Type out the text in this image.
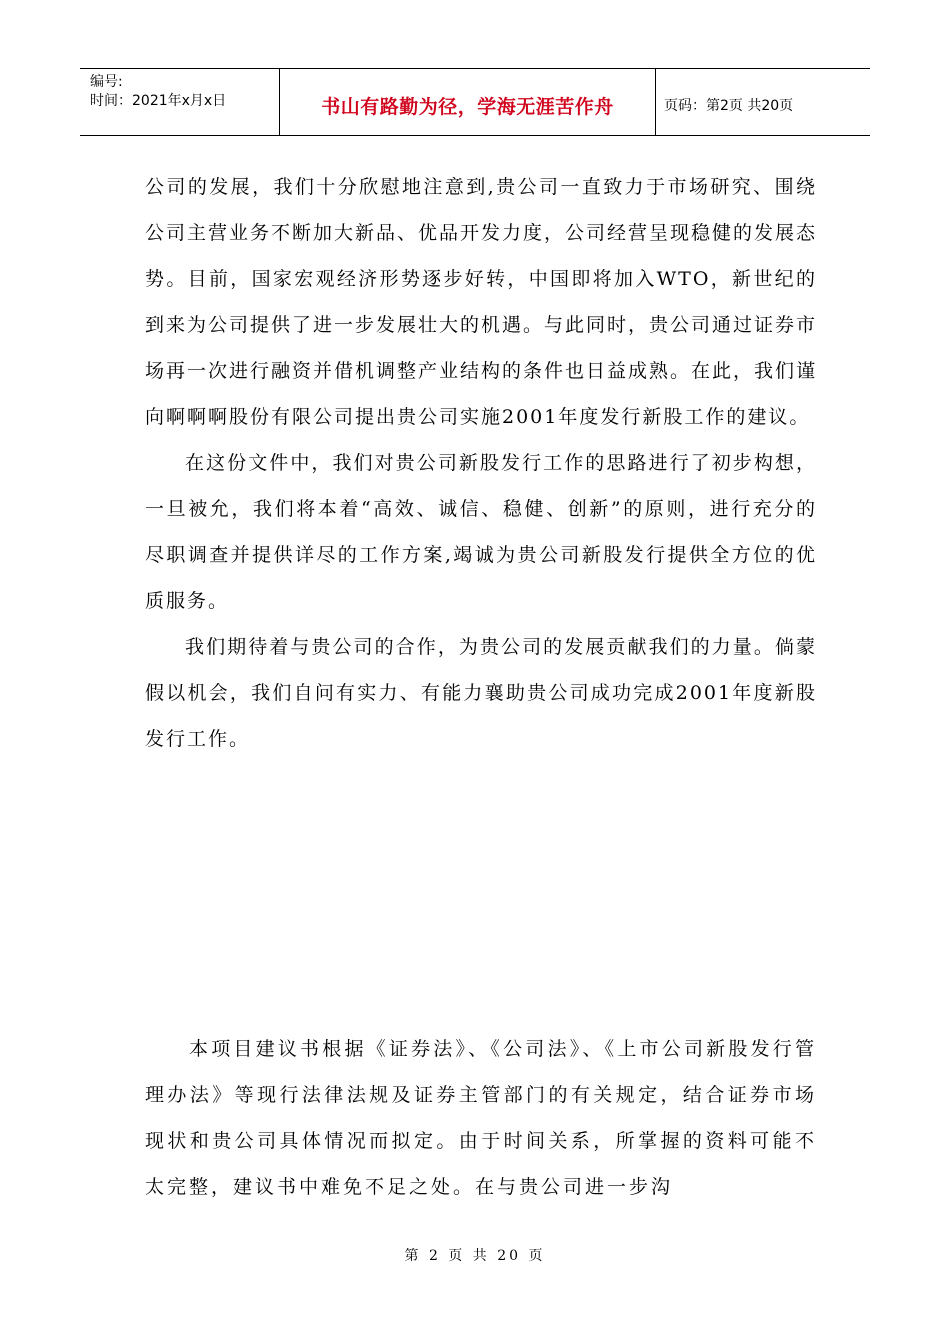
编号:
时间：2021年x月x日	书山有路勤为径，学海无涯苦作舟	页码：第2页 共20页

公司的发展，我们十分欣慰地注意到,贵公司一直致力于市场研究、围绕公司主营业务不断加大新品、优品开发力度，公司经营呈现稳健的发展态势。目前，国家宏观经济形势逐步好转，中国即将加入WTO，新世纪的到来为公司提供了进一步发展壮大的机遇。与此同时，贵公司通过证券市场再一次进行融资并借机调整产业结构的条件也日益成熟。在此，我们谨向啊啊啊股份有限公司提出贵公司实施2001年度发行新股工作的建议。

在这份文件中，我们对贵公司新股发行工作的思路进行了初步构想，一旦被允，我们将本着“高效、诚信、稳健、创新”的原则，进行充分的尽职调查并提供详尽的工作方案,竭诚为贵公司新股发行提供全方位的优质服务。

我们期待着与贵公司的合作，为贵公司的发展贡献我们的力量。倘蒙假以机会，我们自问有实力、有能力襄助贵公司成功完成2001年度新股发行工作。

本项目建议书根据《证券法》、《公司法》、《上市公司新股发行管理办法》等现行法律法规及证券主管部门的有关规定，结合证券市场现状和贵公司具体情况而拟定。由于时间关系，所掌握的资料可能不太完整，建议书中难免不足之处。在与贵公司进一步沟

第 2 页 共 20 页
